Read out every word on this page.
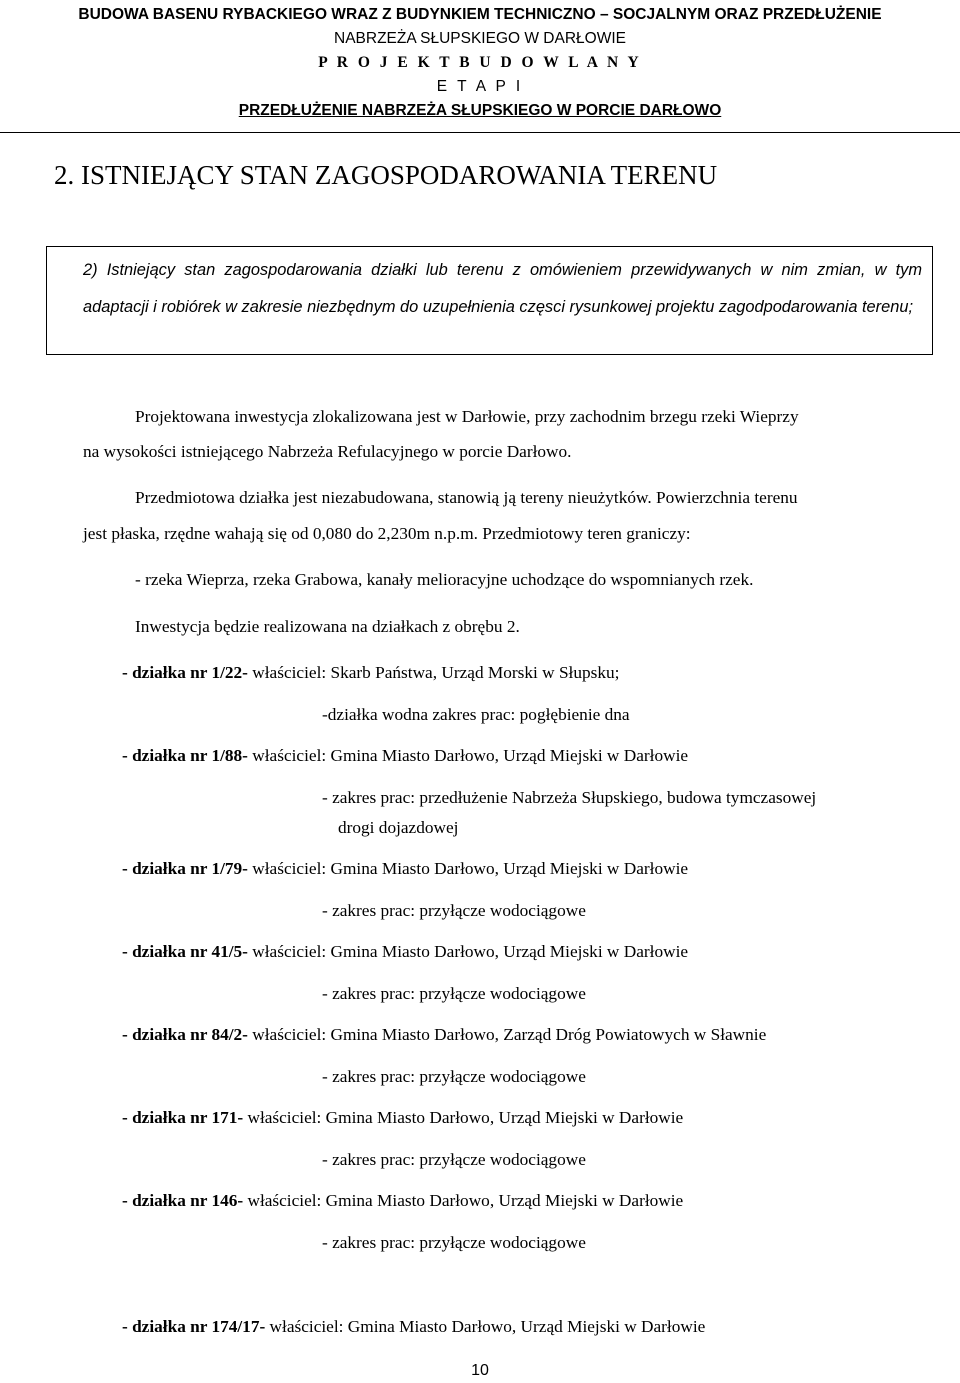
BUDOWA BASENU RYBACKIEGO WRAZ Z BUDYNKIEM TECHNICZNO – SOCJALNYM ORAZ PRZEDŁUŻENIE
NABRZEŻA SŁUPSKIEGO W DARŁOWIE
P R O J E K T B U D O W L A N Y
E T A P I
PRZEDŁUŻENIE NABRZEŻA SŁUPSKIEGO W PORCIE DARŁOWO
2. ISTNIEJĄCY STAN ZAGOSPODAROWANIA TERENU
2) Istniejący stan zagospodarowania działki lub terenu z omówieniem przewidywanych w nim zmian, w tym adaptacji i robiórek w zakresie niezbędnym do uzupełnienia częsci rysunkowej projektu zagodpodarowania terenu;
Projektowana inwestycja zlokalizowana jest w Darłowie, przy zachodnim brzegu rzeki Wieprzy
na wysokości istniejącego Nabrzeża Refulacyjnego w porcie Darłowo.
Przedmiotowa działka jest niezabudowana, stanowią ją tereny nieużytków. Powierzchnia terenu
jest płaska, rzędne wahają się od 0,080 do 2,230m n.p.m. Przedmiotowy teren graniczy:
- rzeka Wieprza, rzeka Grabowa, kanały melioracyjne uchodzące do wspomnianych rzek.
Inwestycja będzie realizowana na działkach z obrębu 2.
- działka nr 1/22- właściciel: Skarb Państwa, Urząd Morski w Słupsku;
-działka wodna zakres prac: pogłębienie dna
- działka nr 1/88- właściciel: Gmina Miasto Darłowo, Urząd Miejski w Darłowie
- zakres prac: przedłużenie Nabrzeża Słupskiego, budowa tymczasowej
drogi dojazdowej
- działka nr 1/79- właściciel: Gmina Miasto Darłowo, Urząd Miejski w Darłowie
- zakres prac: przyłącze wodociągowe
- działka nr 41/5- właściciel: Gmina Miasto Darłowo, Urząd Miejski w Darłowie
- zakres prac: przyłącze wodociągowe
- działka nr 84/2- właściciel: Gmina Miasto Darłowo, Zarząd Dróg Powiatowych w Sławnie
- zakres prac: przyłącze wodociągowe
- działka nr 171- właściciel: Gmina Miasto Darłowo, Urząd Miejski w Darłowie
- zakres prac: przyłącze wodociągowe
- działka nr 146- właściciel: Gmina Miasto Darłowo, Urząd Miejski w Darłowie
- zakres prac: przyłącze wodociągowe
- działka nr 174/17- właściciel: Gmina Miasto Darłowo, Urząd Miejski w Darłowie
10
